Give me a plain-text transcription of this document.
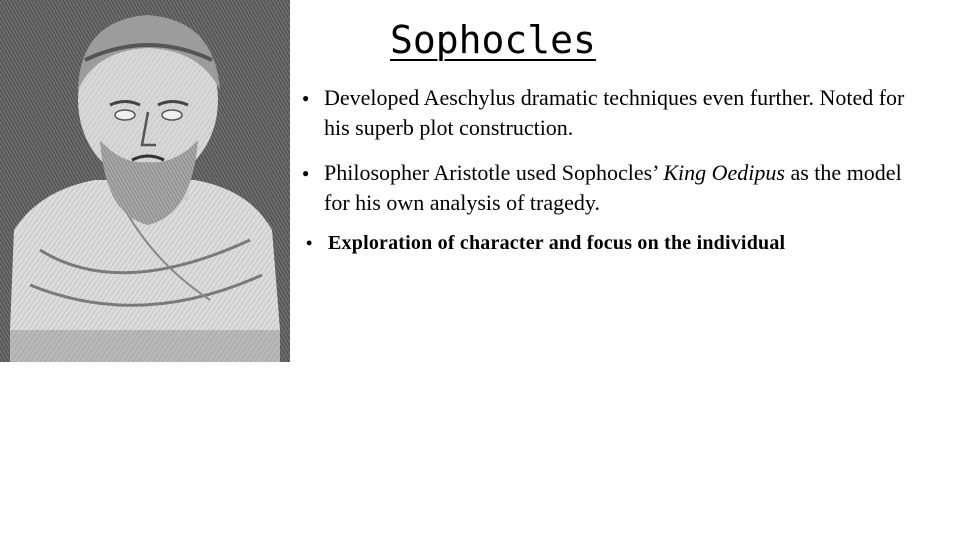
Sophocles
● Developed Aeschylus dramatic techniques even further. Noted for his superb plot construction.
● Philosopher Aristotle used Sophocles’ King Oedipus as the model for his own analysis of tragedy.
• Exploration of character and focus on the individual
